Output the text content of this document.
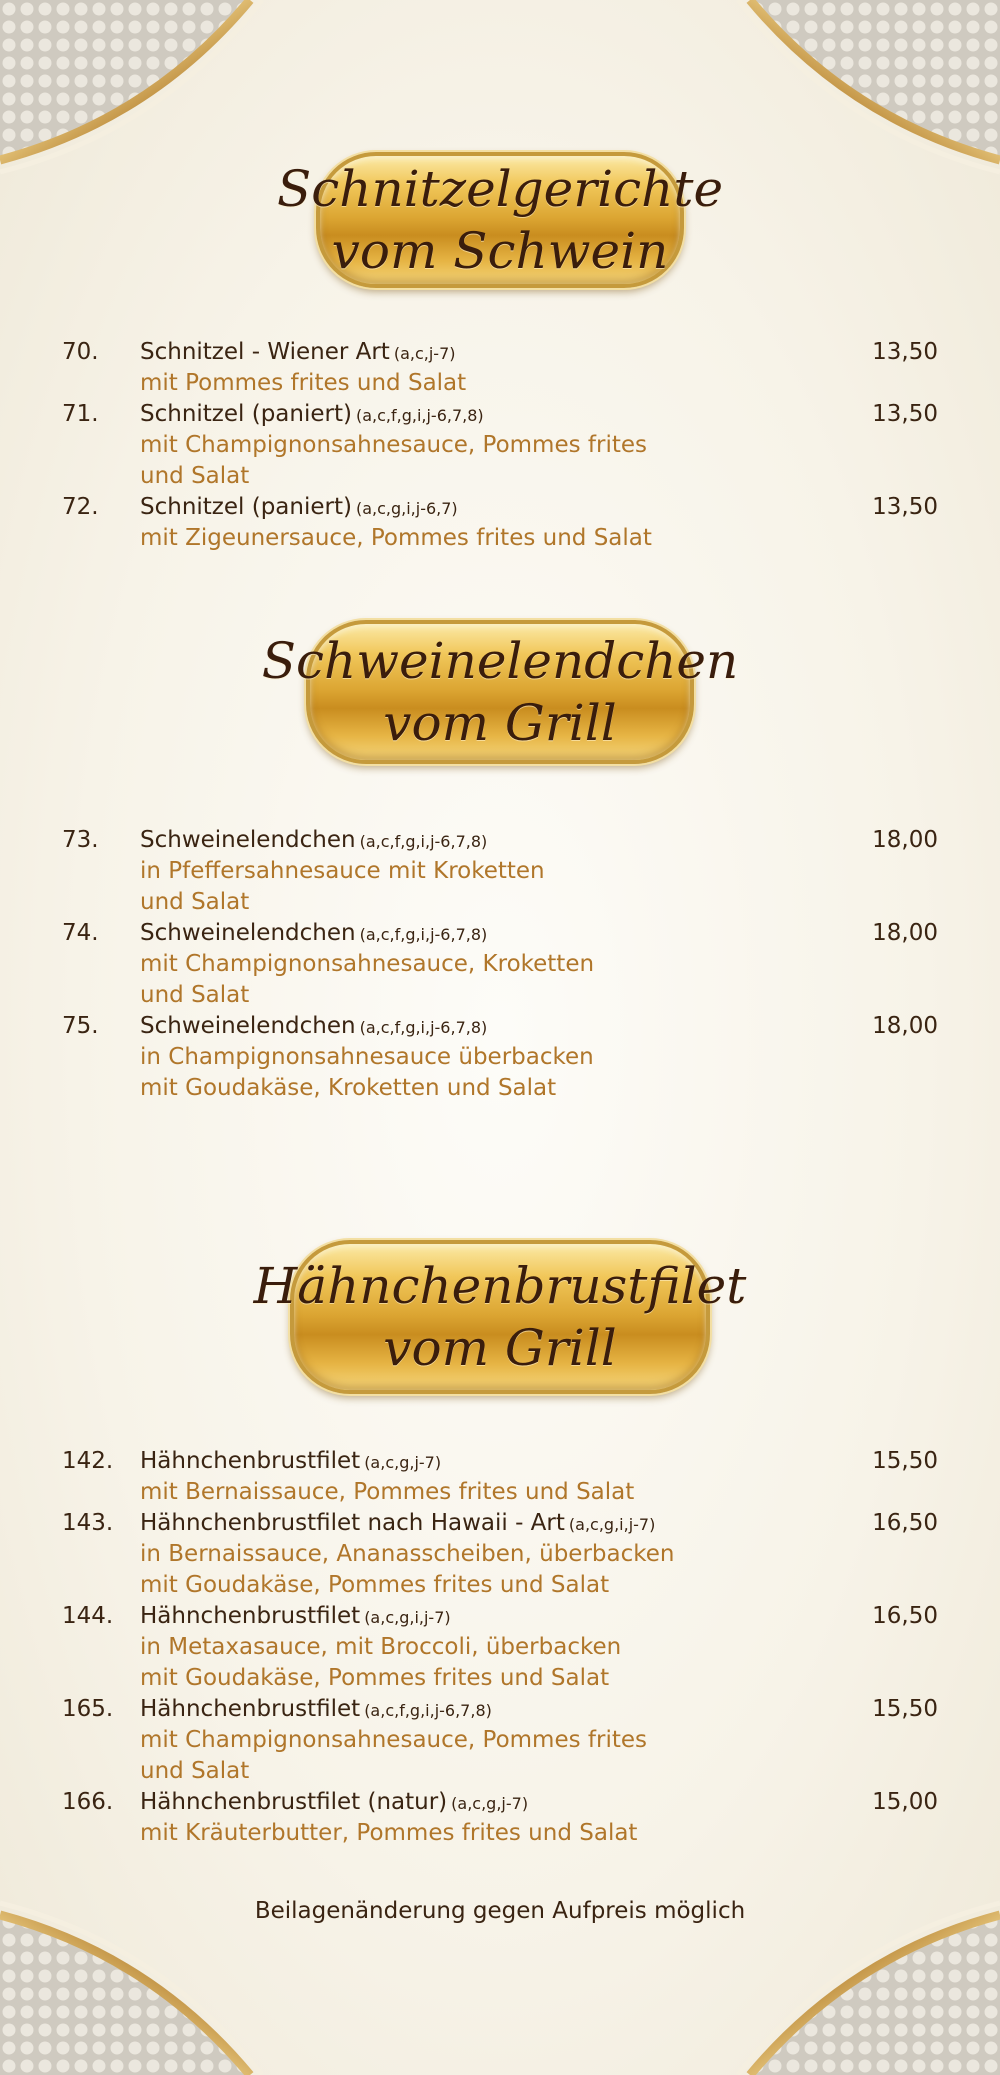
Schnitzelgerichte
vom Schwein
70. Schnitzel - Wiener Art (a,c,j-7)	13,50
mit Pommes frites und Salat
71. Schnitzel (paniert) (a,c,f,g,i,j-6,7,8)	13,50
mit Champignonsahnesauce, Pommes frites
und Salat
72. Schnitzel (paniert) (a,c,g,i,j-6,7)	13,50
mit Zigeunersauce, Pommes frites und Salat
Schweinelendchen
vom Grill
73. Schweinelendchen (a,c,f,g,i,j-6,7,8)	18,00
in Pfeffersahnesauce mit Kroketten
und Salat
74. Schweinelendchen (a,c,f,g,i,j-6,7,8)	18,00
mit Champignonsahnesauce, Kroketten
und Salat
75. Schweinelendchen (a,c,f,g,i,j-6,7,8)	18,00
in Champignonsahnesauce überbacken
mit Goudakäse, Kroketten und Salat
Hähnchenbrustfilet
vom Grill
142. Hähnchenbrustfilet (a,c,g,j-7)	15,50
mit Bernaissauce, Pommes frites und Salat
143. Hähnchenbrustfilet nach Hawaii - Art (a,c,g,i,j-7)	16,50
in Bernaissauce, Ananasscheiben, überbacken
mit Goudakäse, Pommes frites und Salat
144. Hähnchenbrustfilet (a,c,g,i,j-7)	16,50
in Metaxasauce, mit Broccoli, überbacken
mit Goudakäse, Pommes frites und Salat
165. Hähnchenbrustfilet (a,c,f,g,i,j-6,7,8)	15,50
mit Champignonsahnesauce, Pommes frites
und Salat
166. Hähnchenbrustfilet (natur) (a,c,g,j-7)	15,00
mit Kräuterbutter, Pommes frites und Salat
Beilagenänderung gegen Aufpreis möglich
